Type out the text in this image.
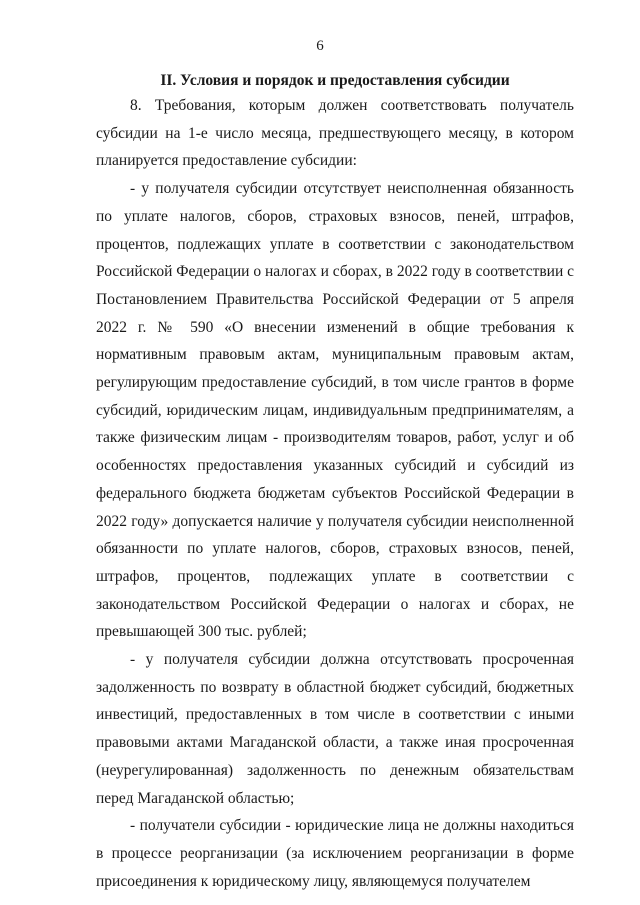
6
II. Условия и порядок и предоставления субсидии

8. Требования, которым должен соответствовать получатель субсидии на 1-е число месяца, предшествующего месяцу, в котором планируется предоставление субсидии:

- у получателя субсидии отсутствует неисполненная обязанность по уплате налогов, сборов, страховых взносов, пеней, штрафов, процентов, подлежащих уплате в соответствии с законодательством Российской Федерации о налогах и сборах, в 2022 году в соответствии с Постановлением Правительства Российской Федерации от 5 апреля 2022 г. № 590 «О внесении изменений в общие требования к нормативным правовым актам, муниципальным правовым актам, регулирующим предоставление субсидий, в том числе грантов в форме субсидий, юридическим лицам, индивидуальным предпринимателям, а также физическим лицам - производителям товаров, работ, услуг и об особенностях предоставления указанных субсидий и субсидий из федерального бюджета бюджетам субъектов Российской Федерации в 2022 году» допускается наличие у получателя субсидии неисполненной обязанности по уплате налогов, сборов, страховых взносов, пеней, штрафов, процентов, подлежащих уплате в соответствии с законодательством Российской Федерации о налогах и сборах, не превышающей 300 тыс. рублей;

- у получателя субсидии должна отсутствовать просроченная задолженность по возврату в областной бюджет субсидий, бюджетных инвестиций, предоставленных в том числе в соответствии с иными правовыми актами Магаданской области, а также иная просроченная (неурегулированная) задолженность по денежным обязательствам перед Магаданской областью;

- получатели субсидии - юридические лица не должны находиться в процессе реорганизации (за исключением реорганизации в форме присоединения к юридическому лицу, являющемуся получателем
